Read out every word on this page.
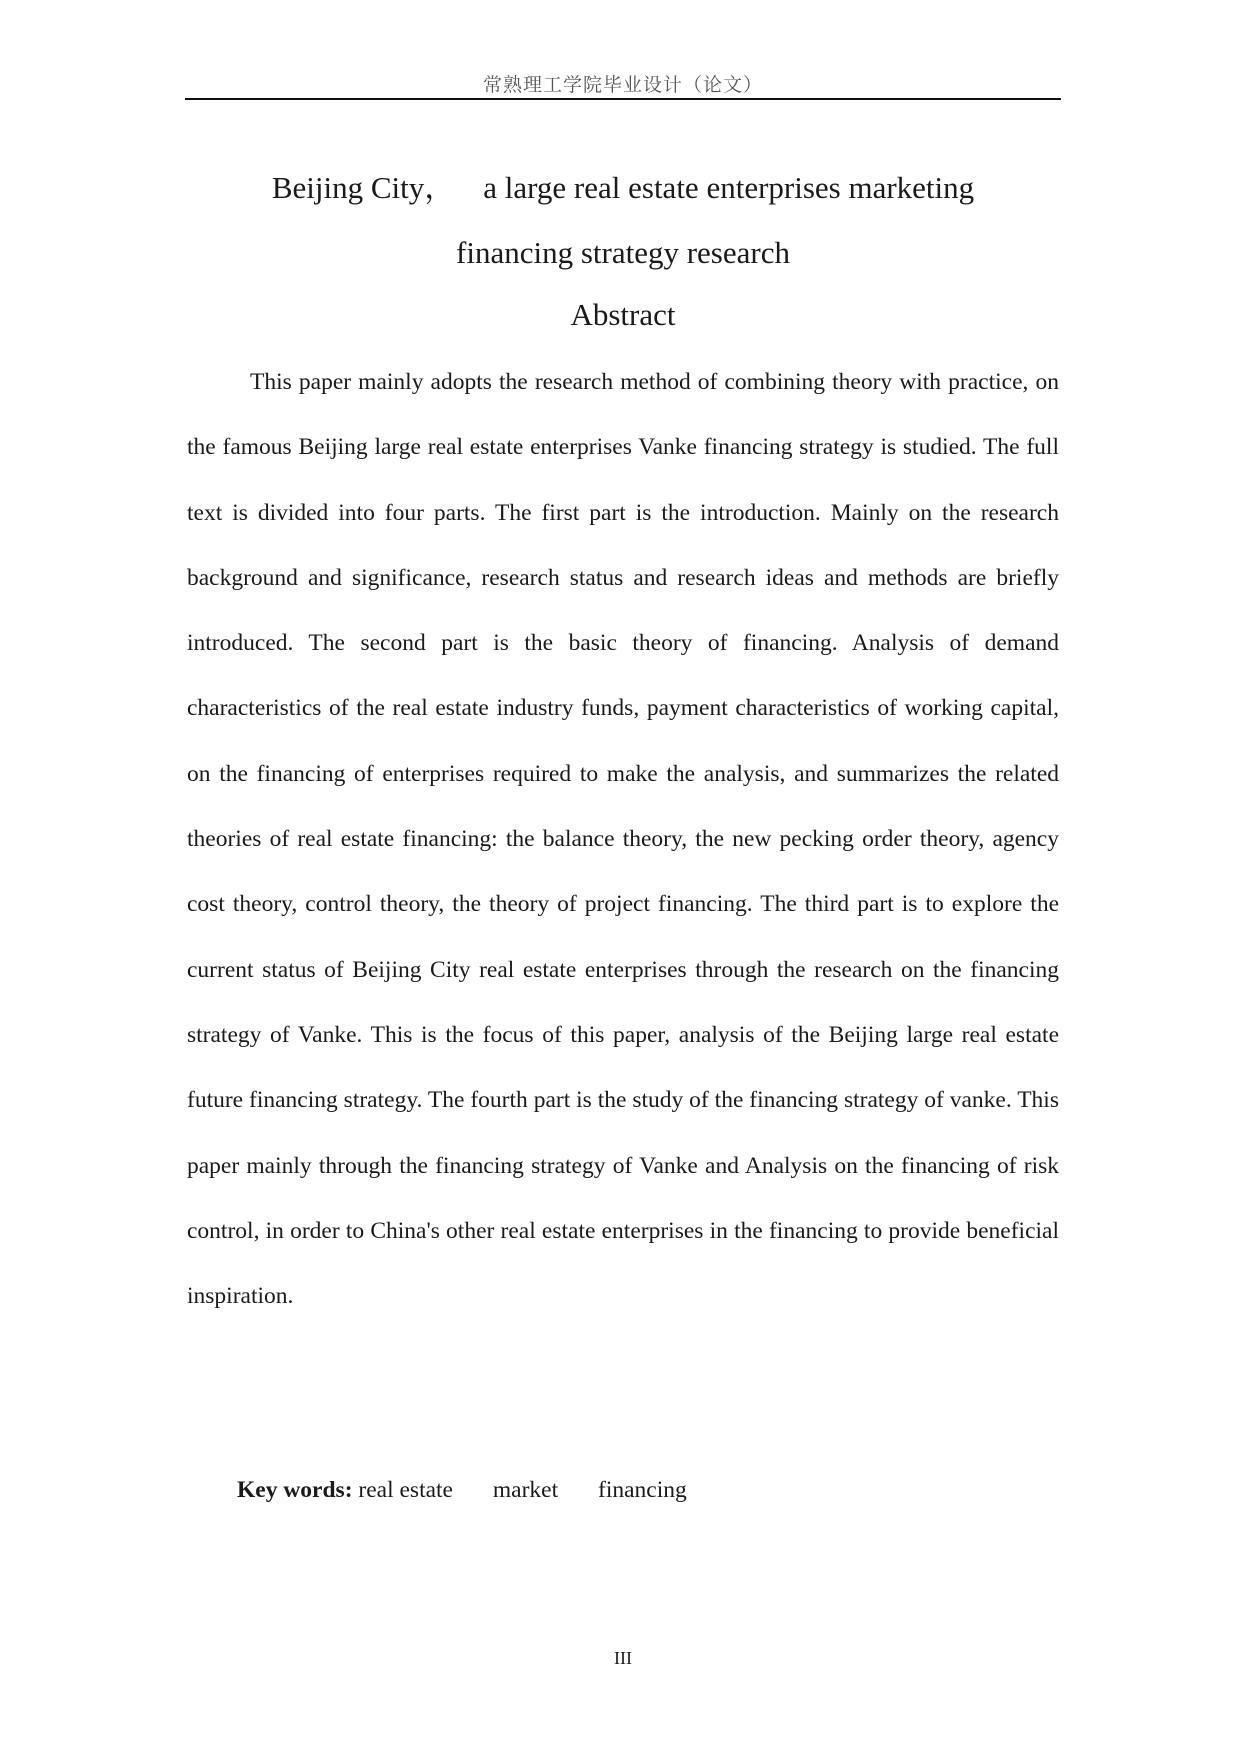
常熟理工学院毕业设计（论文）
Beijing City， a large real estate enterprises marketing
financing strategy research
Abstract

This paper mainly adopts the research method of combining theory with practice, on the famous Beijing large real estate enterprises Vanke financing strategy is studied. The full text is divided into four parts. The first part is the introduction. Mainly on the research background and significance, research status and research ideas and methods are briefly introduced. The second part is the basic theory of financing. Analysis of demand characteristics of the real estate industry funds, payment characteristics of working capital, on the financing of enterprises required to make the analysis, and summarizes the related theories of real estate financing: the balance theory, the new pecking order theory, agency cost theory, control theory, the theory of project financing. The third part is to explore the current status of Beijing City real estate enterprises through the research on the financing strategy of Vanke. This is the focus of this paper, analysis of the Beijing large real estate future financing strategy. The fourth part is the study of the financing strategy of vanke. This paper mainly through the financing strategy of Vanke and Analysis on the financing of risk control, in order to China's other real estate enterprises in the financing to provide beneficial inspiration.

Key words: real estate market financing
III
